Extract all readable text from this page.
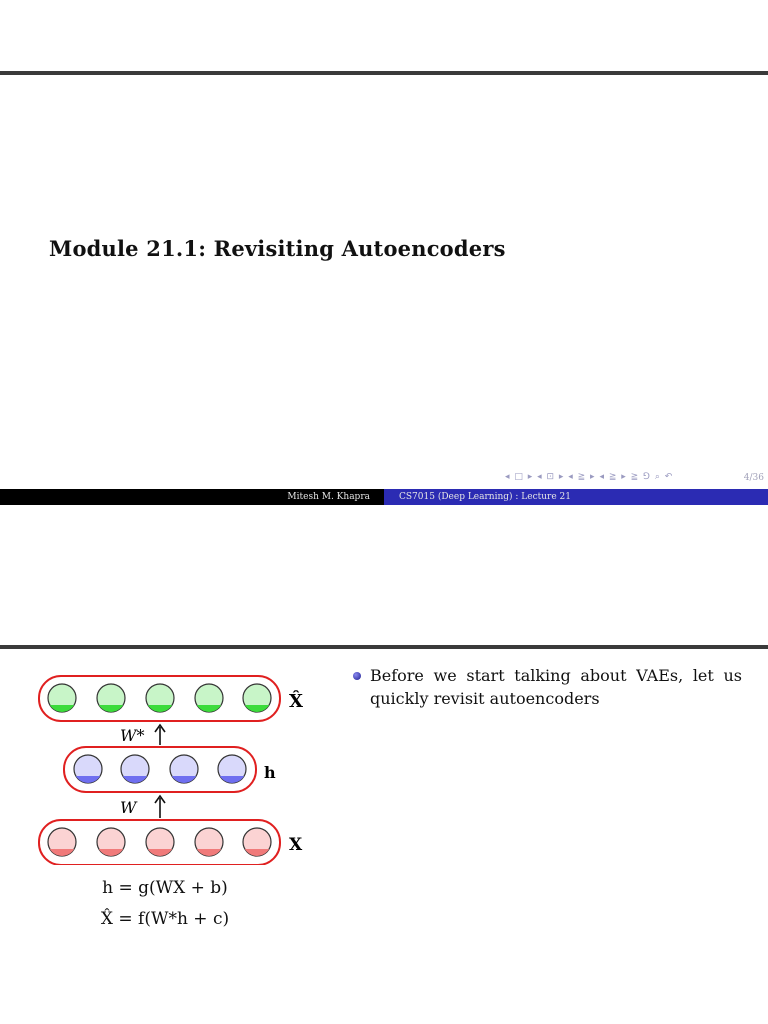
Module 21.1: Revisiting Autoencoders
◂ □ ▸ ◂ ⊡ ▸ ◂ ≧ ▸ ◂ ≧ ▸ ≧ ⅁ ⌕ ↶	4/36
Mitesh M. Khapra	CS7015 (Deep Learning) : Lecture 21
X̂
W*
h
W
X
h = g(WX + b)
X̂ = f(W*h + c)
Before we start talking about VAEs, let us quickly revisit autoencoders
